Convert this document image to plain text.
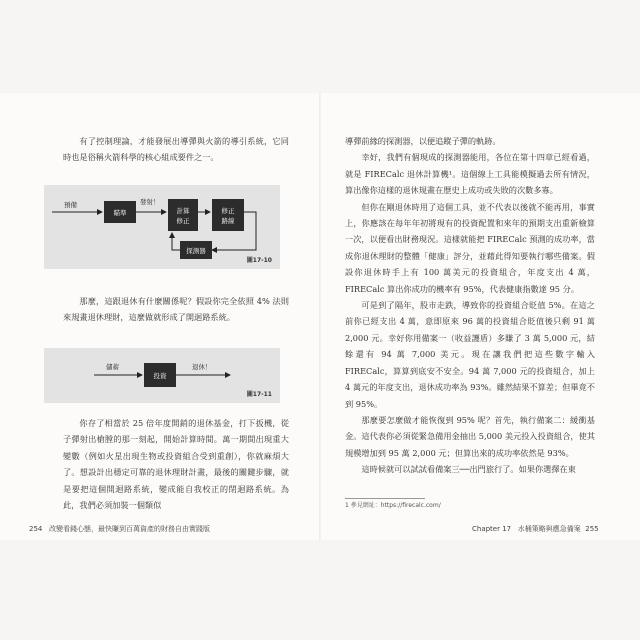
有了控制理論，才能發展出導彈與火箭的導引系統，它同時也是俗稱火箭科學的核心組成要件之一。

預備
瞄準
發射！
計算
修正
修正
路線
探測器
圖17-10

那麼，這跟退休有什麼關係呢？假設你完全依照 4% 法則來規畫退休理財，這麼做就形成了開迴路系統。

儲蓄
投資
退休！
圖17-11

你存了相當於 25 倍年度開銷的退休基金，打下扳機，從子彈射出槍膛的那一刻起，開始計算時間。萬一期間出現重大變數（例如火星出現生物或投資組合受到重創），你就麻煩大了。想設計出穩定可靠的退休理財計畫，最後的關鍵步驟，就是要把這個開迴路系統，變成能自我校正的閉迴路系統。為此，我們必須加裝一個類似

254 改變看錢心態，最快賺到百萬資產的財務自由實踐版

導彈前緣的探測器，以便追蹤子彈的軌跡。

幸好，我們有個現成的探測器能用，各位在第十四章已經看過，就是 FIRECalc 退休計算機¹。這個線上工具能模擬過去所有情況，算出像你這樣的退休規畫在歷史上成功或失敗的次數多寡。

但你在剛退休時用了這個工具，並不代表以後就不能再用，事實上，你應該在每年年初將現有的投資配置和來年的預期支出重新檢算一次，以便看出財務現況。這樣就能把 FIRECalc 預測的成功率，當成你退休理財的整體「健康」評分，並藉此得知要執行哪些備案。假設你退休時手上有 100 萬美元的投資組合，年度支出 4 萬，FIRECalc 算出你成功的機率有 95%，代表健康指數達 95 分。

可是到了隔年，股市走跌，導致你的投資組合貶值 5%。在這之前你已經支出 4 萬，意即原來 96 萬的投資組合貶值後只剩 91 萬 2,000 元。幸好你用備案一（收益護盾）多賺了 3 萬 5,000 元，結餘還有 94 萬 7,000 美元。現在讓我們把這些數字輸入 FIRECalc，算算到底安不安全。94 萬 7,000 元的投資組合，加上 4 萬元的年度支出，退休成功率為 93%。雖然結果不算差；但畢竟不到 95%。

那麼要怎麼做才能恢復到 95% 呢？首先，執行備案二：緩衝基金。這代表你必須從緊急備用金抽出 5,000 美元投入投資組合，使其規模增加到 95 萬 2,000 元；但算出來的成功率依然是 93%。

這時候就可以試試看備案三──出門旅行了。如果你選擇在東

Chapter 17 水桶策略與應急備案 255
1 參見網址：https://firecalc.com/
